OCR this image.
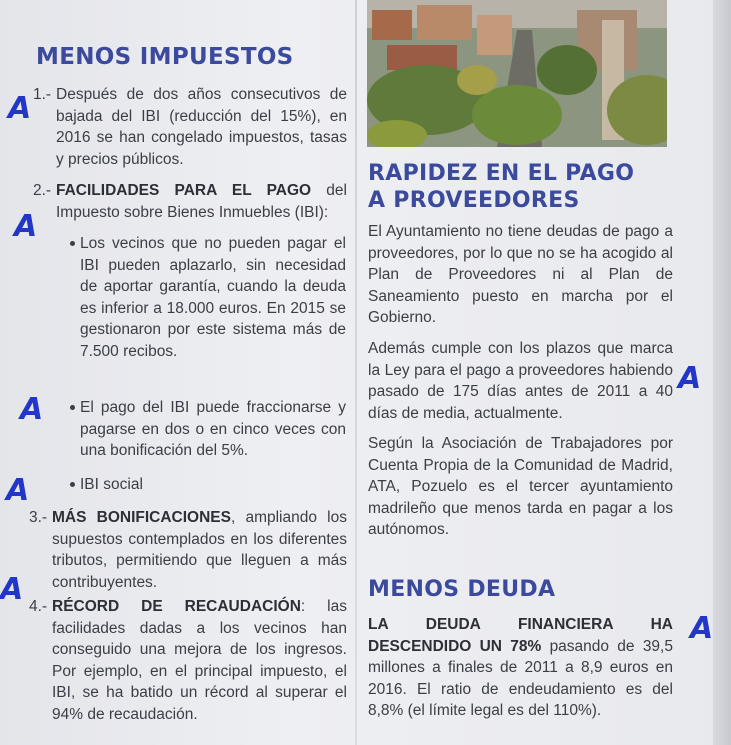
MENOS IMPUESTOS
1.- Después de dos años consecutivos de bajada del IBI (reducción del 15%), en 2016 se han congelado impuestos, tasas y precios públicos.

2.- FACILIDADES PARA EL PAGO del Impuesto sobre Bienes Inmuebles (IBI):

Los vecinos que no pueden pagar el IBI pueden aplazarlo, sin necesidad de aportar garantía, cuando la deuda es inferior a 18.000 euros. En 2015 se gestionaron por este sistema más de 7.500 recibos.

El pago del IBI puede fraccionarse y pagarse en dos o en cinco veces con una bonificación del 5%.

IBI social

3.- MÁS BONIFICACIONES, ampliando los supuestos contemplados en los diferentes tributos, permitiendo que lleguen a más contribuyentes.

4.- RÉCORD DE RECAUDACIÓN: las facilidades dadas a los vecinos han conseguido una mejora de los ingresos. Por ejemplo, en el principal impuesto, el IBI, se ha batido un récord al superar el 94% de recaudación.

RAPIDEZ EN EL PAGO A PROVEEDORES

El Ayuntamiento no tiene deudas de pago a proveedores, por lo que no se ha acogido al Plan de Proveedores ni al Plan de Saneamiento puesto en marcha por el Gobierno.

Además cumple con los plazos que marca la Ley para el pago a proveedores habiendo pasado de 175 días antes de 2011 a 40 días de media, actualmente.

Según la Asociación de Trabajadores por Cuenta Propia de la Comunidad de Madrid, ATA, Pozuelo es el tercer ayuntamiento madrileño que menos tarda en pagar a los autónomos.

MENOS DEUDA

LA DEUDA FINANCIERA HA DESCENDIDO UN 78% pasando de 39,5 millones a finales de 2011 a 8,9 euros en 2016. El ratio de endeudamiento es del 8,8% (el límite legal es del 110%).

A
A
A
A
A
A
A
